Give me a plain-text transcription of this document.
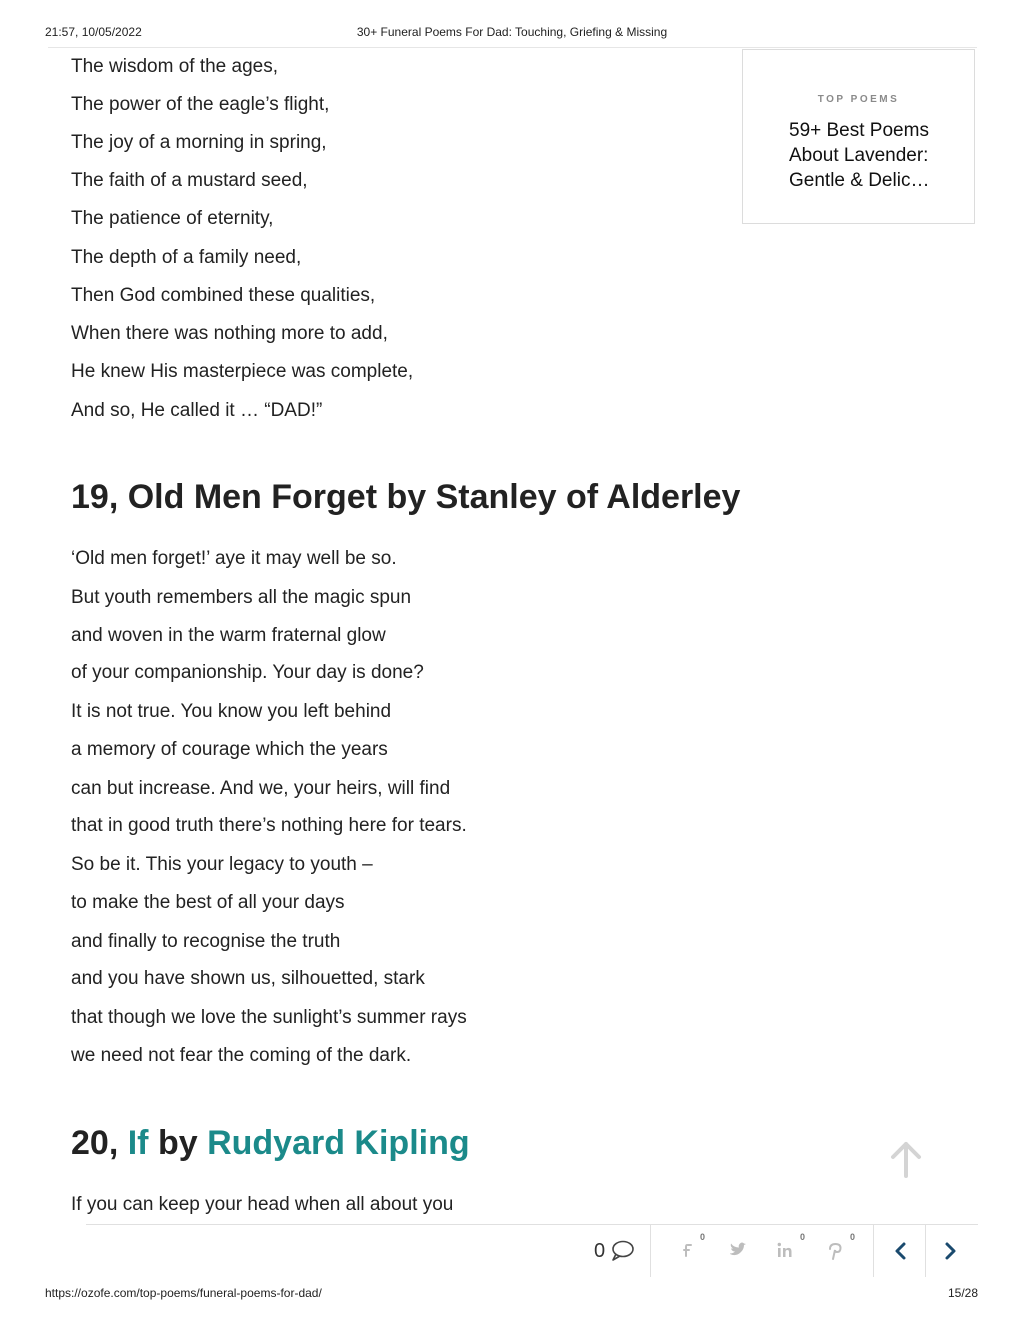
21:57, 10/05/2022	30+ Funeral Poems For Dad: Touching, Griefing & Missing
The wisdom of the ages,
The power of the eagle’s flight,
The joy of a morning in spring,
The faith of a mustard seed,
The patience of eternity,
The depth of a family need,
Then God combined these qualities,
When there was nothing more to add,
He knew His masterpiece was complete,
And so, He called it … “DAD!”
19, Old Men Forget by Stanley of Alderley
‘Old men forget!’ aye it may well be so.
But youth remembers all the magic spun
and woven in the warm fraternal glow
of your companionship. Your day is done?
It is not true. You know you left behind
a memory of courage which the years
can but increase. And we, your heirs, will find
that in good truth there’s nothing here for tears.
So be it. This your legacy to youth –
to make the best of all your days
and finally to recognise the truth
and you have shown us, silhouetted, stark
that though we love the sunlight’s summer rays
we need not fear the coming of the dark.
20, If by Rudyard Kipling
If you can keep your head when all about you
TOP POEMS
59+ Best Poems About Lavender: Gentle & Delic…
0
0	0	0
https://ozofe.com/top-poems/funeral-poems-for-dad/	15/28
